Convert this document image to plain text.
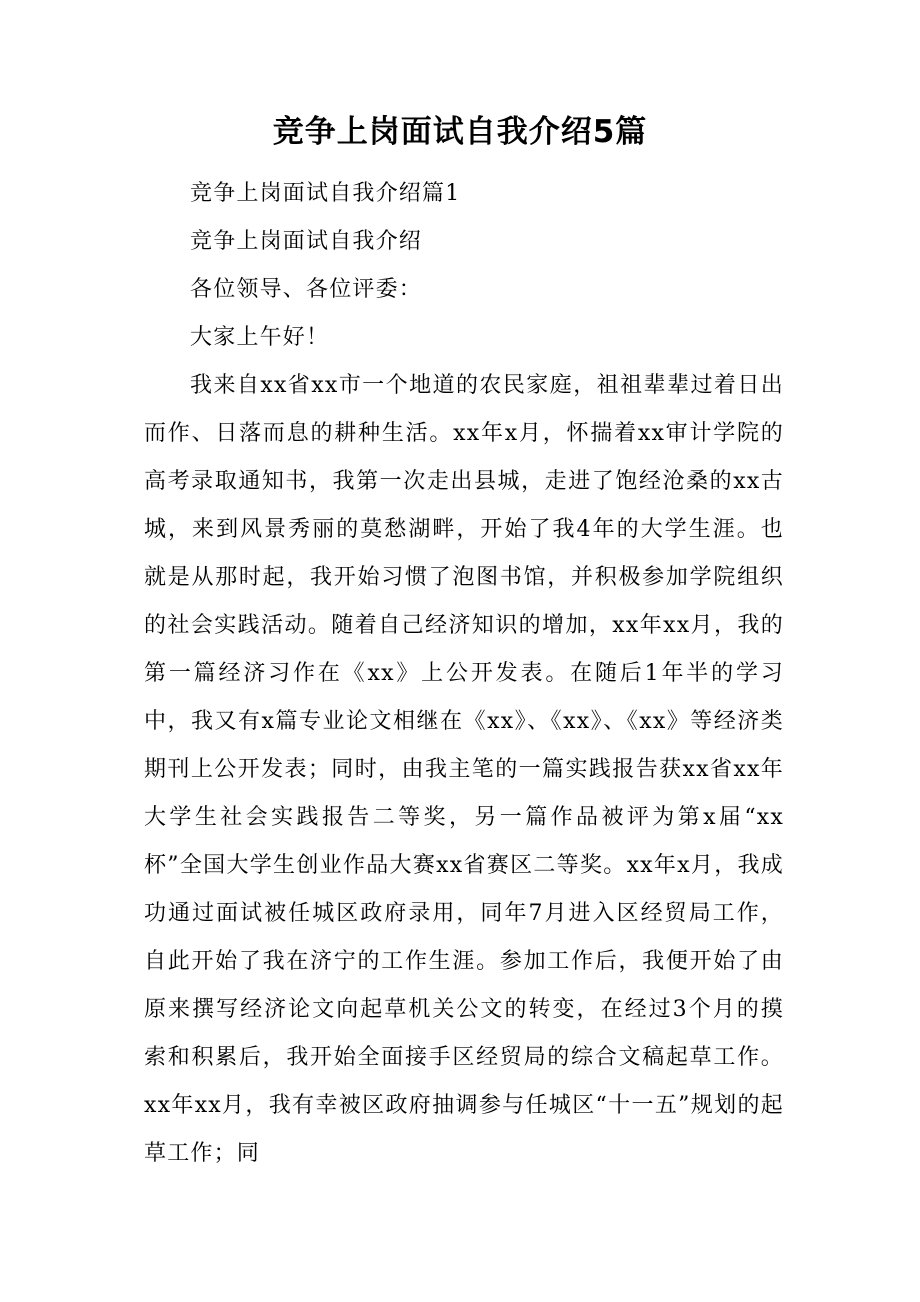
竞争上岗面试自我介绍5篇

竞争上岗面试自我介绍篇1

竞争上岗面试自我介绍

各位领导、各位评委：

大家上午好！

我来自xx省xx市一个地道的农民家庭，祖祖辈辈过着日出而作、日落而息的耕种生活。xx年x月，怀揣着xx审计学院的高考录取通知书，我第一次走出县城，走进了饱经沧桑的xx古城，来到风景秀丽的莫愁湖畔，开始了我4年的大学生涯。也就是从那时起，我开始习惯了泡图书馆，并积极参加学院组织的社会实践活动。随着自己经济知识的增加，xx年xx月，我的第一篇经济习作在《xx》上公开发表。在随后1年半的学习中，我又有x篇专业论文相继在《xx》、《xx》、《xx》等经济类期刊上公开发表；同时，由我主笔的一篇实践报告获xx省xx年大学生社会实践报告二等奖，另一篇作品被评为第x届“xx杯”全国大学生创业作品大赛xx省赛区二等奖。xx年x月，我成功通过面试被任城区政府录用，同年7月进入区经贸局工作，自此开始了我在济宁的工作生涯。参加工作后，我便开始了由原来撰写经济论文向起草机关公文的转变，在经过3个月的摸索和积累后，我开始全面接手区经贸局的综合文稿起草工作。xx年xx月，我有幸被区政府抽调参与任城区“十一五”规划的起草工作；同
